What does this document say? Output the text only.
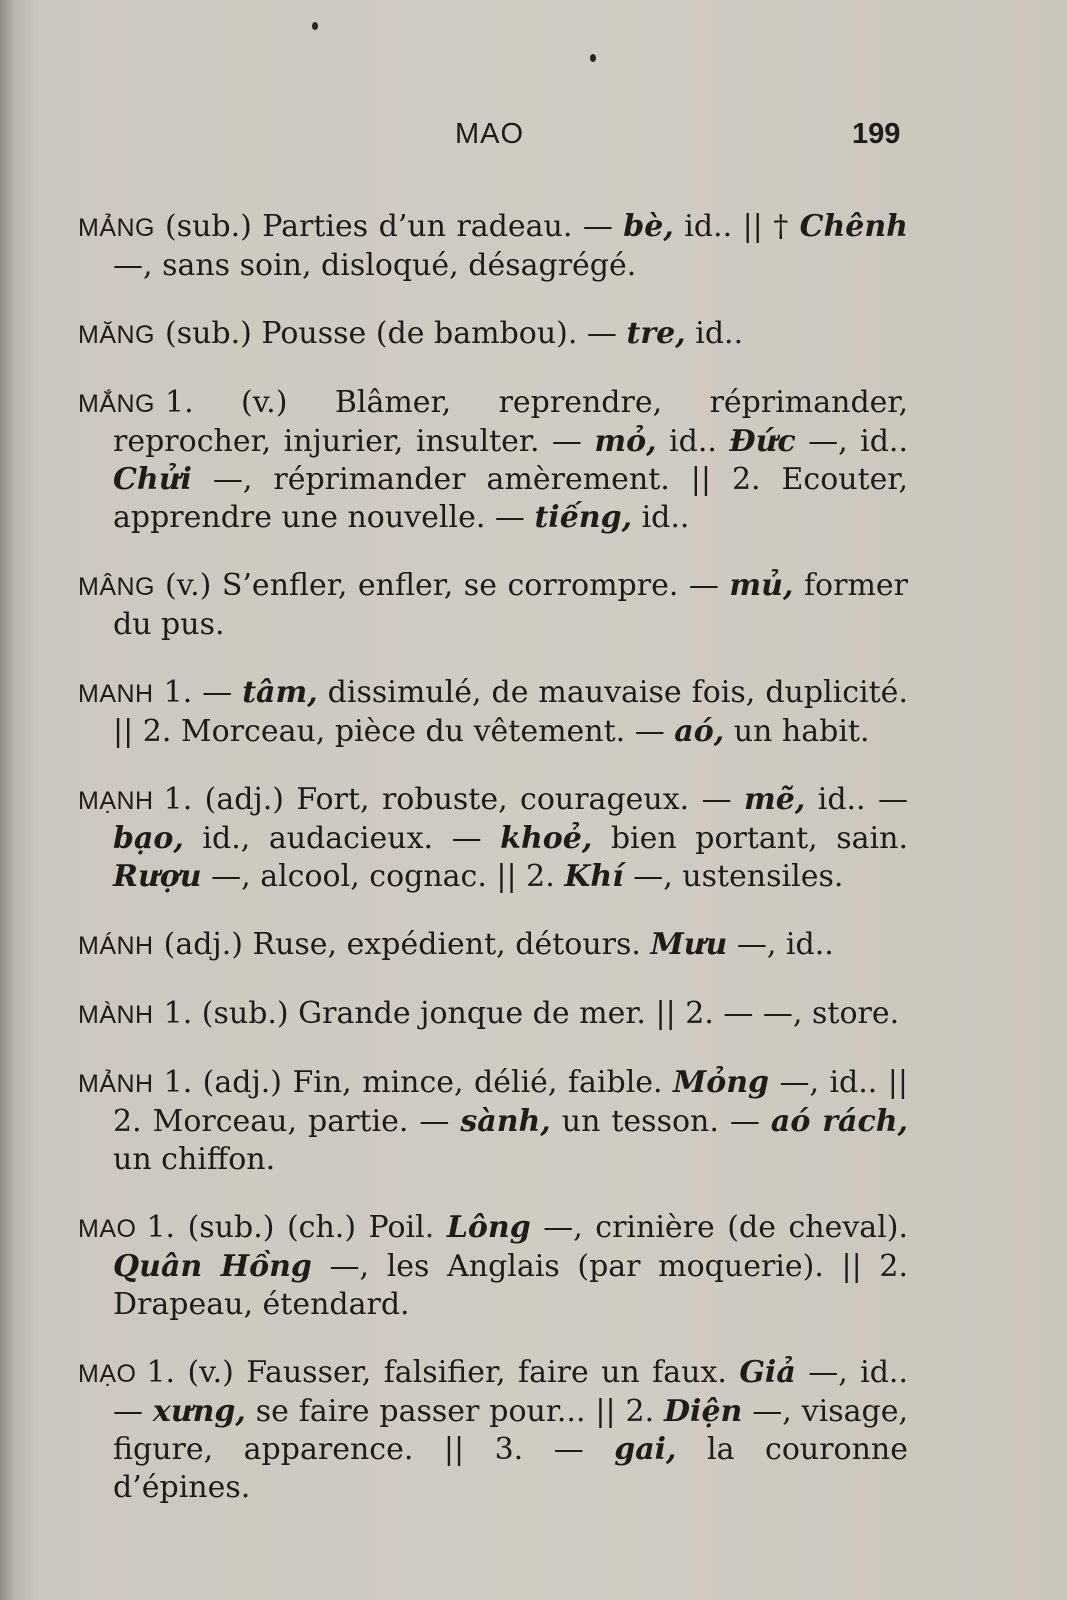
MAO	199

MẢNG (sub.) Parties d’un radeau. — bè, id.. || † Chênh —, sans soin, disloqué, désagrégé.

MĂNG (sub.) Pousse (de bambou). — tre, id..

MẮNG 1. (v.) Blâmer, reprendre, réprimander, reprocher, injurier, insulter. — mỏ, id.. Đức —, id.. Chửi —, réprimander amèrement. || 2. Ecouter, apprendre une nouvelle. — tiếng, id..

MÂNG (v.) S’enfler, enfler, se corrompre. — mủ, former du pus.

MANH 1. — tâm, dissimulé, de mauvaise fois, duplicité. || 2. Morceau, pièce du vêtement. — aó, un habit.

MẠNH 1. (adj.) Fort, robuste, courageux. — mẽ, id.. — bạo, id., audacieux. — khoẻ, bien portant, sain. Rượu —, alcool, cognac. || 2. Khí —, ustensiles.

MÁNH (adj.) Ruse, expédient, détours. Mưu —, id..

MÀNH 1. (sub.) Grande jonque de mer. || 2. — —, store.

MẢNH 1. (adj.) Fin, mince, délié, faible. Mỏng —, id.. || 2. Morceau, partie. — sành, un tesson. — aó rách, un chiffon.

MAO 1. (sub.) (ch.) Poil. Lông —, crinière (de cheval). Quân Hồng —, les Anglais (par moquerie). || 2. Drapeau, étendard.

MẠO 1. (v.) Fausser, falsifier, faire un faux. Giả —, id.. — xưng, se faire passer pour... || 2. Diện —, visage, figure, apparence. || 3. — gai, la couronne d’épines.
